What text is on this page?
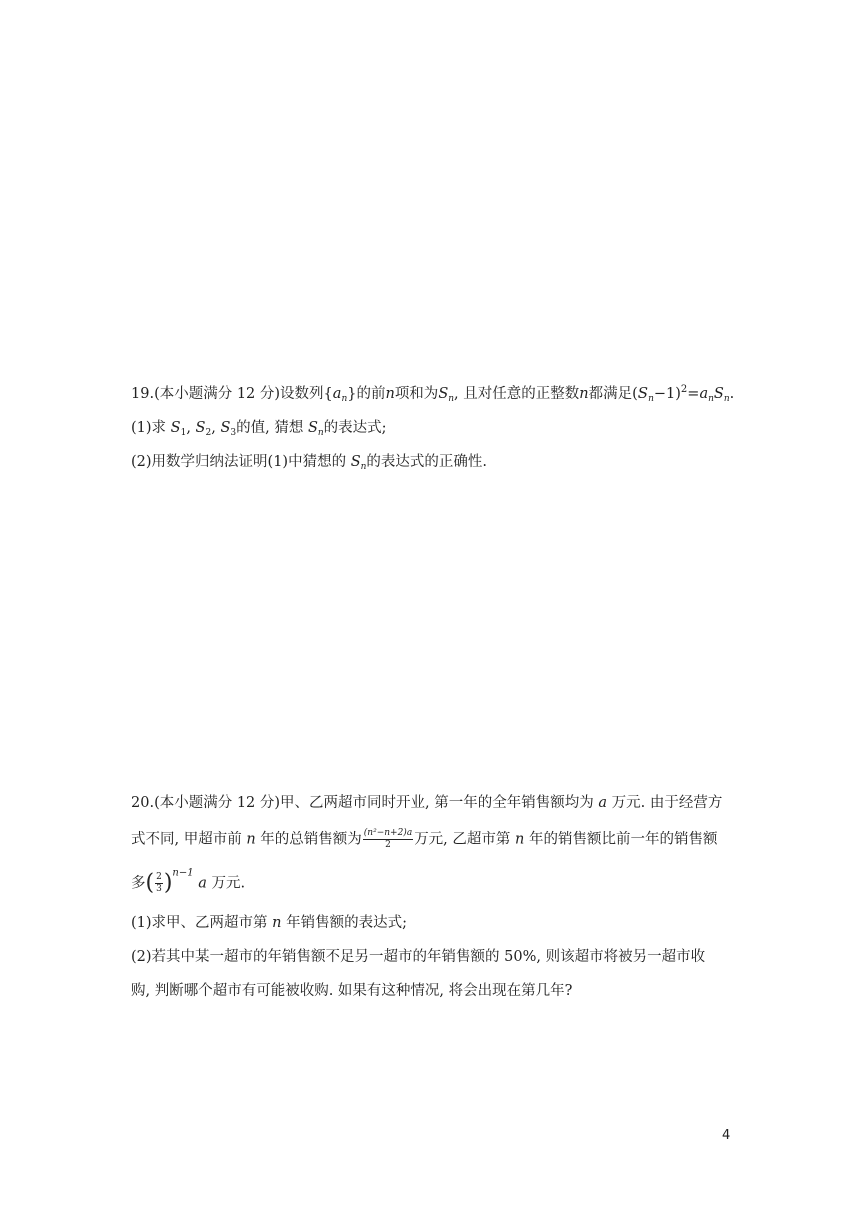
19.(本小题满分 12 分)设数列$\{a_n\}$的前n项和为$S_n$, 且对任意的正整数n都满足$(S_n-1)^2=a_nS_n$.
(1)求 $S_1$, $S_2$, $S_3$的值, 猜想 $S_n$的表达式;
(2)用数学归纳法证明(1)中猜想的 $S_n$的表达式的正确性.
20.(本小题满分 12 分)甲、乙两超市同时开业, 第一年的全年销售额均为 a 万元. 由于经营方
式不同, 甲超市前 n 年的总销售额为 $\frac{\text{(n²−n+2)a}}{2}$ 万元, 乙超市第 n 年的销售额比前一年的销售额
多( $\frac{2}{3} )^{n-1}$ a 万元.
(1)求甲、乙两超市第 n 年销售额的表达式;
(2)若其中某一超市的年销售额不足另一超市的年销售额的 50%, 则该超市将被另一超市收
购, 判断哪个超市有可能被收购. 如果有这种情况, 将会出现在第几年?
4
